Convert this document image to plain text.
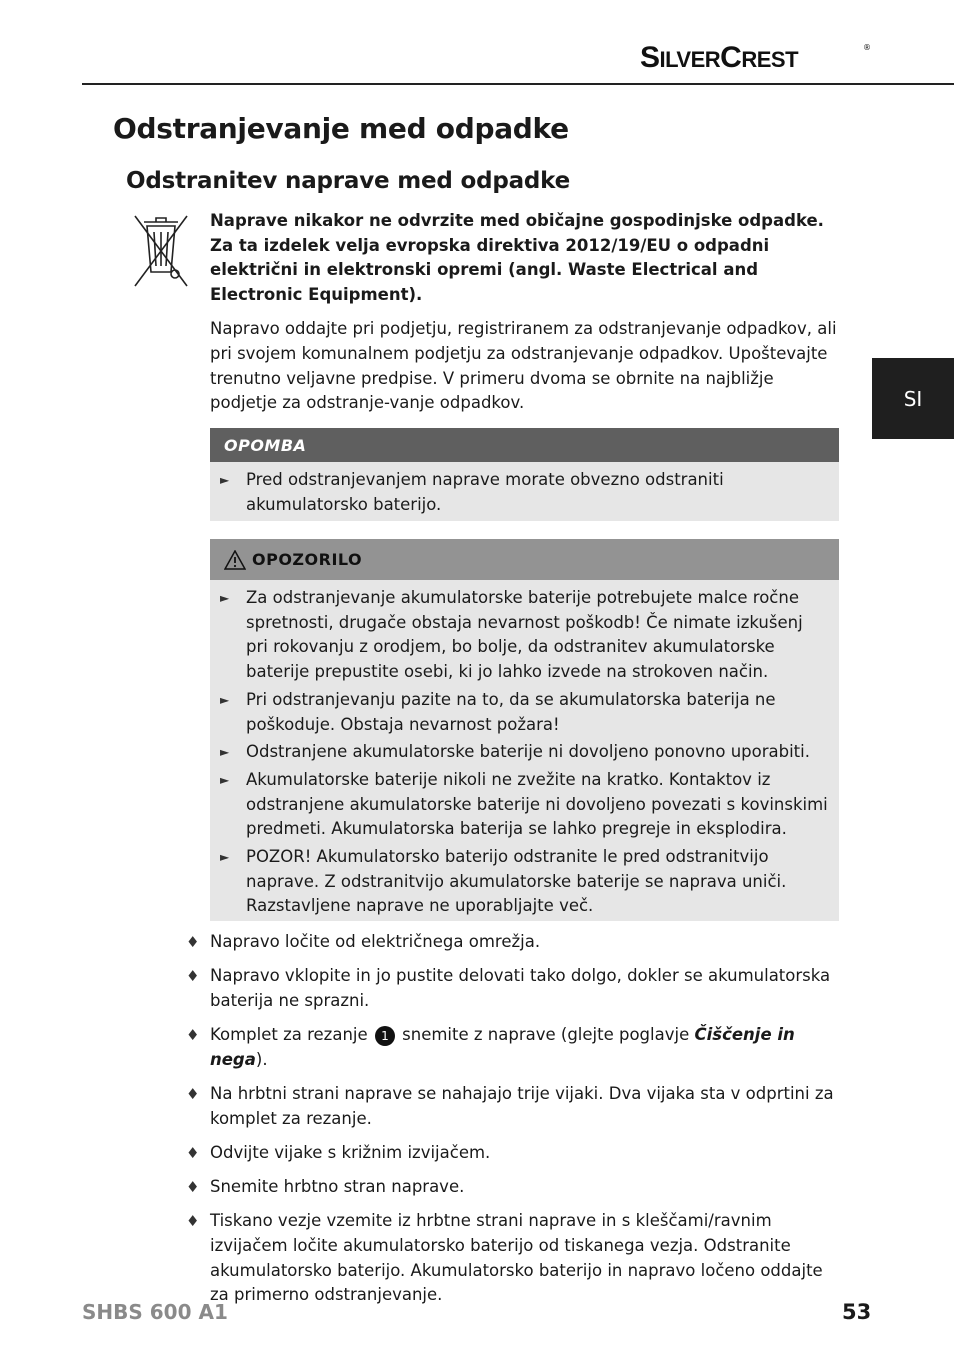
SILVERCREST	®
Odstranjevanje med odpadke
SI
Odstranitev naprave med odpadke
Naprave nikakor ne odvrzite med običajne gospodinjske odpadke. Za ta izdelek velja evropska direktiva 2012/19/EU o odpadni električni in elektronski opremi (angl. Waste Electrical and Electronic Equipment).
Napravo oddajte pri podjetju, registriranem za odstranjevanje odpadkov, ali pri svojem komunalnem podjetju za odstranjevanje odpadkov. Upoštevajte trenutno veljavne predpise. V primeru dvoma se obrnite na najbližje podjetje za odstranje-vanje odpadkov.
OPOMBA
► Pred odstranjevanjem naprave morate obvezno odstraniti akumulatorsko baterijo.
OPOZORILO
► Za odstranjevanje akumulatorske baterije potrebujete malce ročne spretnosti, drugače obstaja nevarnost poškodb! Če nimate izkušenj pri rokovanju z orodjem, bo bolje, da odstranitev akumulatorske baterije prepustite osebi, ki jo lahko izvede na strokoven način.
► Pri odstranjevanju pazite na to, da se akumulatorska baterija ne poškoduje. Obstaja nevarnost požara!
► Odstranjene akumulatorske baterije ni dovoljeno ponovno uporabiti.
► Akumulatorske baterije nikoli ne zvežite na kratko. Kontaktov iz odstranjene akumulatorske baterije ni dovoljeno povezati s kovinskimi predmeti. Akumulatorska baterija se lahko pregreje in eksplodira.
► POZOR! Akumulatorsko baterijo odstranite le pred odstranitvijo naprave. Z odstranitvijo akumulatorske baterije se naprava uniči. Razstavljene naprave ne uporabljajte več.
♦ Napravo ločite od električnega omrežja.
♦ Napravo vklopite in jo pustite delovati tako dolgo, dokler se akumulatorska baterija ne sprazni.
♦ Komplet za rezanje 1 snemite z naprave (glejte poglavje Čiščenje in nega).
♦ Na hrbtni strani naprave se nahajajo trije vijaki. Dva vijaka sta v odprtini za komplet za rezanje.
♦ Odvijte vijake s križnim izvijačem.
♦ Snemite hrbtno stran naprave.
♦ Tiskano vezje vzemite iz hrbtne strani naprave in s kleščami/ravnim izvijačem ločite akumulatorsko baterijo od tiskanega vezja. Odstranite akumulatorsko baterijo. Akumulatorsko baterijo in napravo ločeno oddajte za primerno odstranjevanje.
SHBS 600 A1	53
